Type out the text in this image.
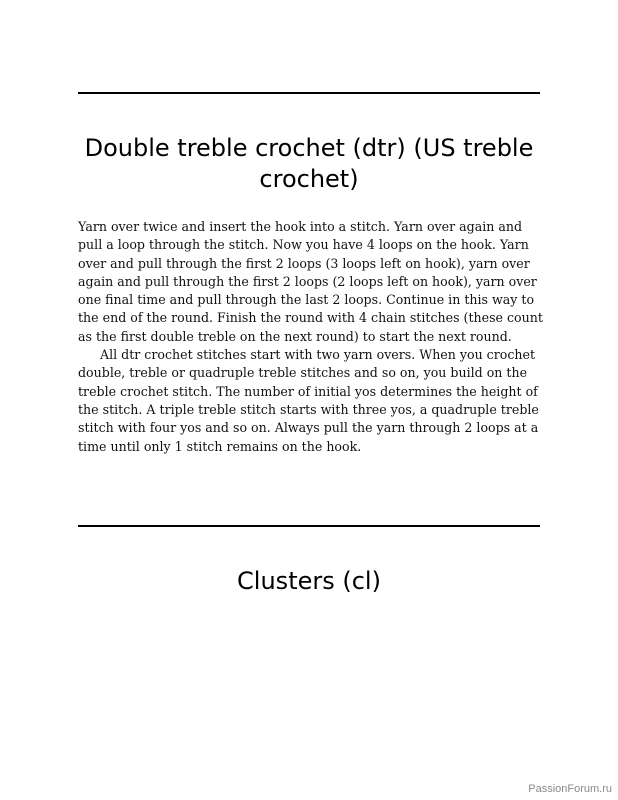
Double treble crochet (dtr) (US treble crochet)

Yarn over twice and insert the hook into a stitch. Yarn over again and pull a loop through the stitch. Now you have 4 loops on the hook. Yarn over and pull through the first 2 loops (3 loops left on hook), yarn over again and pull through the first 2 loops (2 loops left on hook), yarn over one final time and pull through the last 2 loops. Continue in this way to the end of the round. Finish the round with 4 chain stitches (these count as the first double treble on the next round) to start the next round.

All dtr crochet stitches start with two yarn overs. When you crochet double, treble or quadruple treble stitches and so on, you build on the treble crochet stitch. The number of initial yos determines the height of the stitch. A triple treble stitch starts with three yos, a quadruple treble stitch with four yos and so on. Always pull the yarn through 2 loops at a time until only 1 stitch remains on the hook.

Clusters (cl)
PassionForum.ru
